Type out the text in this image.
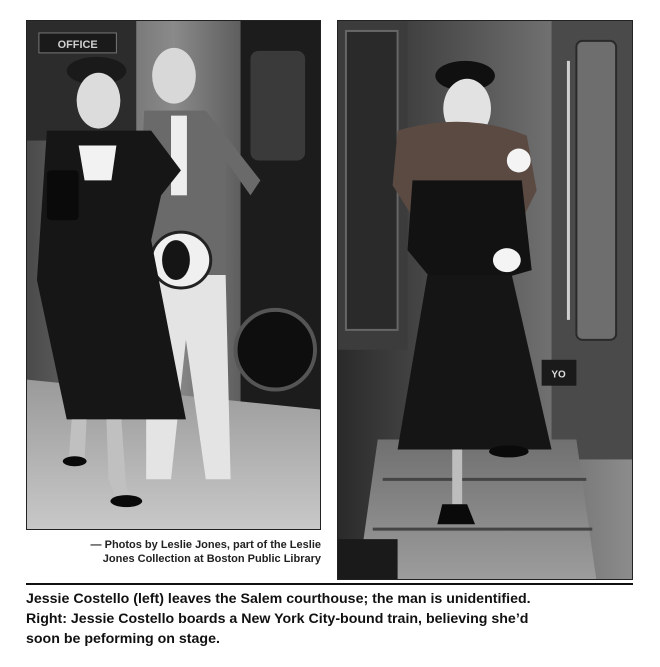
OFFICE
YO
— Photos by Leslie Jones, part of the Leslie
Jones Collection at Boston Public Library

Jessie Costello (left) leaves the Salem courthouse; the man is unidentified.

Right: Jessie Costello boards a New York City-bound train, believing she’d

soon be peforming on stage.
